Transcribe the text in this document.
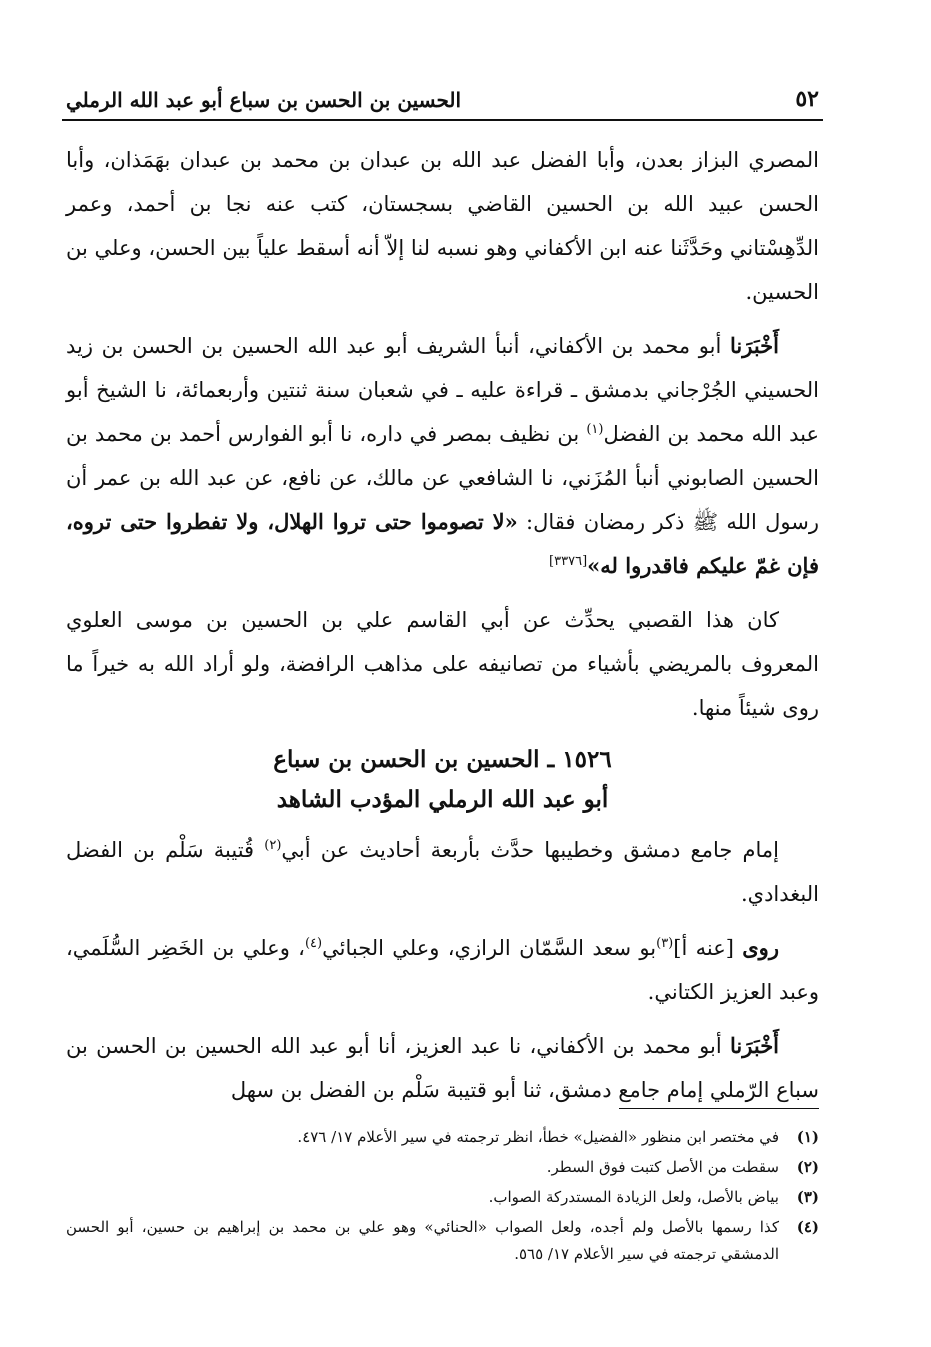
٥٢
الحسين بن الحسن بن سباع أبو عبد الله الرملي

المصري البزاز بعدن، وأبا الفضل عبد الله بن عبدان بن محمد بن عبدان بهَمَذان، وأبا الحسن عبيد الله بن الحسين القاضي بسجستان، كتب عنه نجا بن أحمد، وعمر الدِّهِسْتاني وحَدَّثَنا عنه ابن الأكفاني وهو نسبه لنا إلاّ أنه أسقط علياً بين الحسن، وعلي بن الحسين.

أَخْبَرَنا أبو محمد بن الأكفاني، أنبأ الشريف أبو عبد الله الحسين بن الحسن بن زيد الحسيني الجُرْجاني بدمشق ـ قراءة عليه ـ في شعبان سنة ثنتين وأربعمائة، نا الشيخ أبو عبد الله محمد بن الفضل$^{(١)}$ بن نظيف بمصر في داره، نا أبو الفوارس أحمد بن محمد بن الحسين الصابوني أنبأ المُزَني، نا الشافعي عن مالك، عن نافع، عن عبد الله بن عمر أن رسول الله ﷺ ذكر رمضان فقال: «لا تصوموا حتى تروا الهلال، ولا تفطروا حتى تروه، فإن غمّ عليكم فاقدروا له»[٣٣٧٦]

كان هذا القصبي يحدِّث عن أبي القاسم علي بن الحسين بن موسى العلوي المعروف بالمريضي بأشياء من تصانيفه على مذاهب الرافضة، ولو أراد الله به خيراً ما روى شيئاً منها.

١٥٢٦ ـ الحسين بن الحسن بن سباع
أبو عبد الله الرملي المؤدب الشاهد

إمام جامع دمشق وخطيبها حدَّث بأربعة أحاديث عن أبي$^{(٢)}$ قُتيبة سَلْم بن الفضل البغدادي.

روى [عنه أ]$^{(٣)}$بو سعد السَّمّان الرازي، وعلي الجبائي$^{(٤)}$، وعلي بن الخَضِر السُّلَمي، وعبد العزيز الكتاني.

أَخْبَرَنا أبو محمد بن الأكفاني، نا عبد العزيز، أنا أبو عبد الله الحسين بن الحسن بن سباع الرّملي إمام جامع دمشق، ثنا أبو قتيبة سَلْم بن الفضل بن سهل

(١)
في مختصر ابن منظور «الفضيل» خطأ، انظر ترجمته في سير الأعلام ١٧/ ٤٧٦.
(٢)
سقطت من الأصل كتبت فوق السطر.
(٣)
بياض بالأصل، ولعل الزيادة المستدركة الصواب.
(٤)
كذا رسمها بالأصل ولم أجده، ولعل الصواب «الحنائي» وهو علي بن محمد بن إبراهيم بن حسين، أبو الحسن الدمشقي ترجمته في سير الأعلام ١٧/ ٥٦٥.
